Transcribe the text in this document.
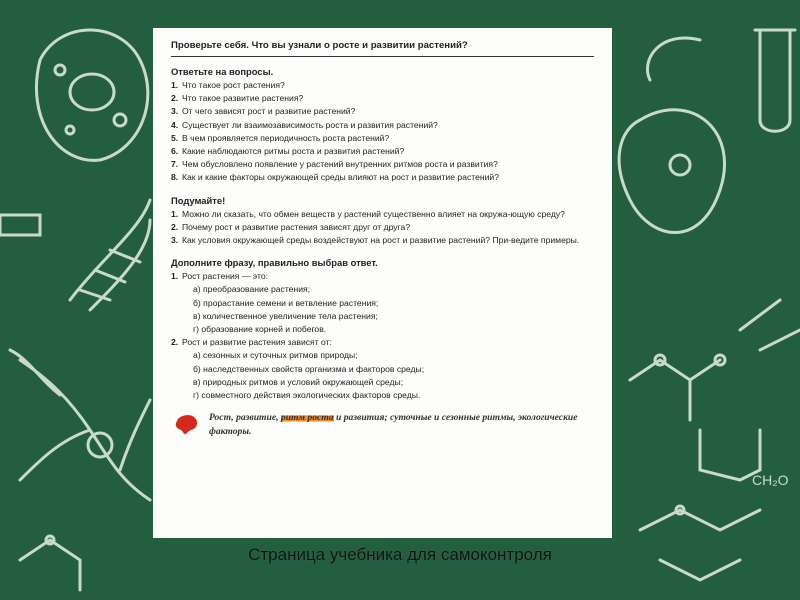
CH₂O
Проверьте себя. Что вы узнали о росте и развитии растений?
Ответьте на вопросы.
1. Что такое рост растения?
2. Что такое развитие растения?
3. От чего зависят рост и развитие растений?
4. Существует ли взаимозависимость роста и развития растений?
5. В чем проявляется периодичность роста растений?
6. Какие наблюдаются ритмы роста и развития растений?
7. Чем обусловлено появление у растений внутренних ритмов роста и развития?
8. Как и какие факторы окружающей среды влияют на рост и развитие растений?
Подумайте!
1. Можно ли сказать, что обмен веществ у растений существенно влияет на окружа-ющую среду?
2. Почему рост и развитие растения зависят друг от друга?
3. Как условия окружающей среды воздействуют на рост и развитие растений? При-ведите примеры.
Дополните фразу, правильно выбрав ответ.
1. Рост растения — это:
а) преобразование растения;
б) прорастание семени и ветвление растения;
в) количественное увеличение тела растения;
г) образование корней и побегов.
2. Рост и развитие растения зависят от:
а) сезонных и суточных ритмов природы;
б) наследственных свойств организма и факторов среды;
в) природных ритмов и условий окружающей среды;
г) совместного действия экологических факторов среды.
Рост, развитие, ритм роста и развития; суточные и сезонные ритмы, экологические факторы.
Страница учебника для самоконтроля
